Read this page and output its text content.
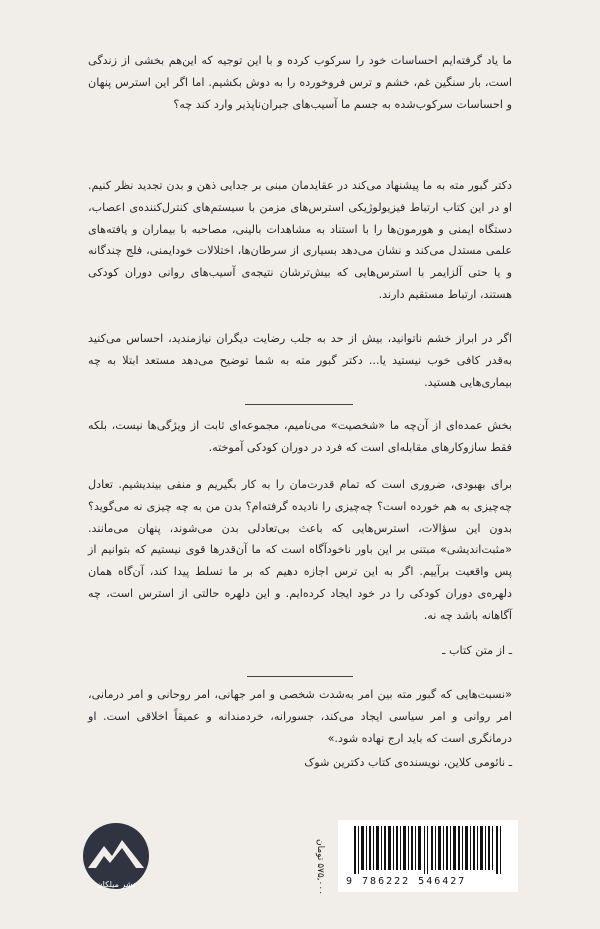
ما یاد گرفته‌ایم احساسات خود را سرکوب کرده و با این توجیه که این‌هم بخشی از زندگی است، بار سنگین غم، خشم و ترس فروخورده را به دوش بکشیم. اما اگر این استرس پنهان و احساسات سرکوب‌شده به جسم ما آسیب‌های جبران‌ناپذیر وارد کند چه؟

دکتر گبور مته به ما پیشنهاد می‌کند در عقایدمان مبنی بر جدایی ذهن و بدن تجدید نظر کنیم. او در این کتاب ارتباط فیزیولوژیکی استرس‌های مزمن با سیستم‌های کنترل‌کننده‌ی اعصاب، دستگاه ایمنی و هورمون‌ها را با استناد به مشاهدات بالینی، مصاحبه با بیماران و یافته‌های علمی مستدل می‌کند و نشان می‌دهد بسیاری از سرطان‌ها، اختلالات خودایمنی، فلج چندگانه و یا حتی آلزایمر با استرس‌هایی که بیش‌ترشان نتیجه‌ی آسیب‌های روانی دوران کودکی هستند، ارتباط مستقیم دارند.

اگر در ابراز خشم ناتوانید، بیش از حد به جلب رضایت دیگران نیازمندید، احساس می‌کنید به‌قدر کافی خوب نیستید یا... دکتر گبور مته به شما توضیح می‌دهد مستعد ابتلا به چه بیماری‌هایی هستید.

بخش عمده‌ای از آن‌چه ما «شخصیت» می‌نامیم، مجموعه‌ای ثابت از ویژگی‌ها نیست، بلکه فقط سازوکارهای مقابله‌ای است که فرد در دوران کودکی آموخته.

برای بهبودی، ضروری است که تمام قدرت‌مان را به کار بگیریم و منفی بیندیشیم. تعادل چه‌چیزی به هم خورده است؟ چه‌چیزی را نادیده گرفته‌ام؟ بدن من به چه چیزی نه می‌گوید؟ بدون این سؤالات، استرس‌هایی که باعث بی‌تعادلی بدن می‌شوند، پنهان می‌مانند. «مثبت‌اندیشی» مبتنی بر این باور ناخودآگاه است که ما آن‌قدرها قوی نیستیم که بتوانیم از پس واقعیت برآییم. اگر به این ترس اجازه دهیم که بر ما تسلط پیدا کند، آن‌گاه همان دلهره‌ی دوران کودکی را در خود ایجاد کرده‌ایم. و این دلهره حالتی از استرس است، چه آگاهانه باشد چه نه.

ـ از متن کتاب ـ

«نسبت‌هایی که گبور مته بین امر به‌شدت شخصی و امر جهانی، امر روحانی و امر درمانی، امر روانی و امر سیاسی ایجاد می‌کند، جسورانه، خردمندانه و عمیقاً اخلاقی است. او درمانگری است که باید ارج نهاده شود.»

ـ نائومی کلاین، نویسنده‌ی کتاب دکترین شوک

نشر میلکان
۵۷۵,۰۰۰ تومان 9 786222 546427
